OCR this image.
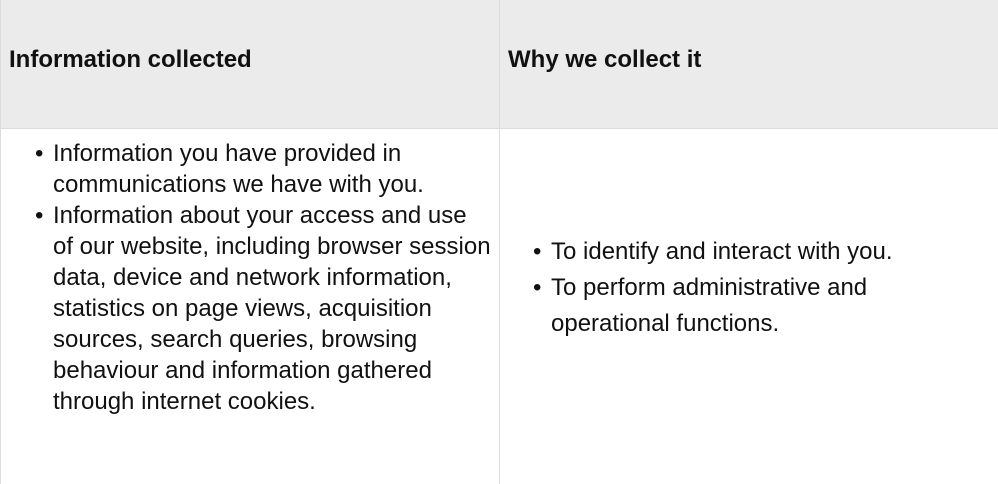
Information collected	Why we collect it
• Information you have provided in communications we have with you.
• Information about your access and use of our website, including browser session data, device and network information, statistics on page views, acquisition sources, search queries, browsing behaviour and information gathered through internet cookies.
• To identify and interact with you.
• To perform administrative and operational functions.
